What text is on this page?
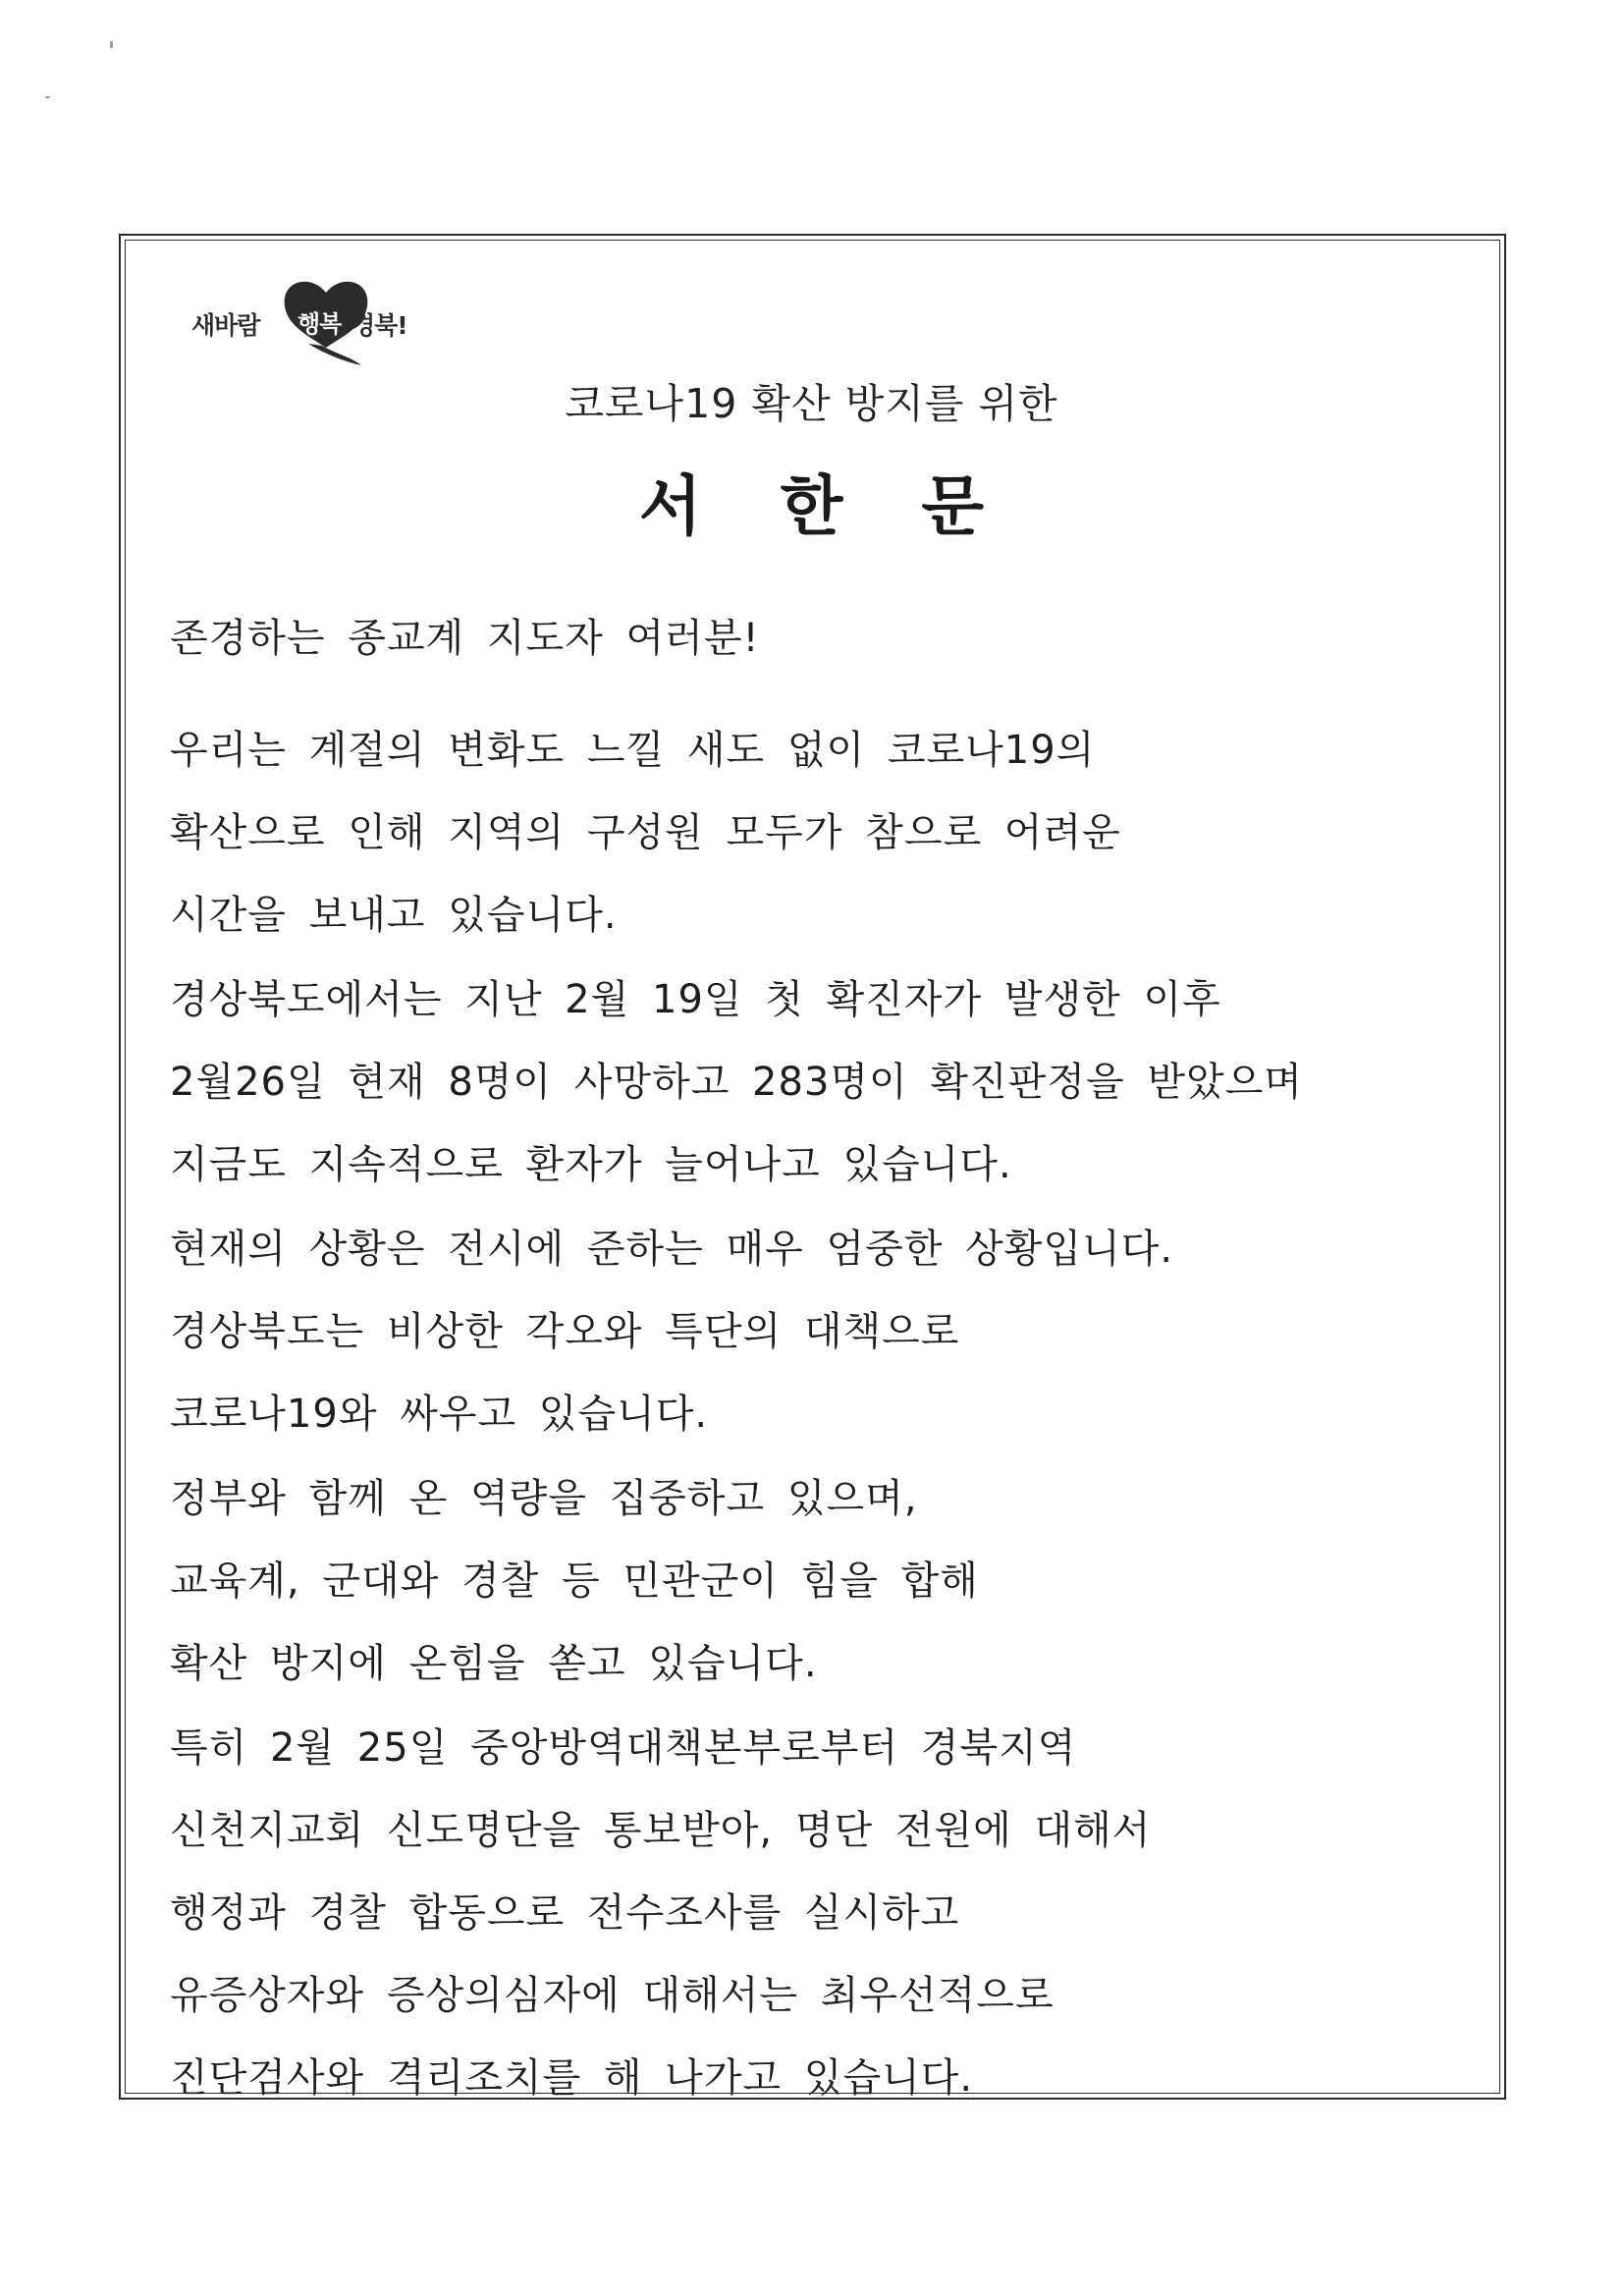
새바람 행복 경북!
코로나19 확산 방지를 위한
서한문
존경하는 종교계 지도자 여러분!
우리는 계절의 변화도 느낄 새도 없이 코로나19의
확산으로 인해 지역의 구성원 모두가 참으로 어려운
시간을 보내고 있습니다.
경상북도에서는 지난 2월 19일 첫 확진자가 발생한 이후
2월26일 현재 8명이 사망하고 283명이 확진판정을 받았으며
지금도 지속적으로 환자가 늘어나고 있습니다.
현재의 상황은 전시에 준하는 매우 엄중한 상황입니다.
경상북도는 비상한 각오와 특단의 대책으로
코로나19와 싸우고 있습니다.
정부와 함께 온 역량을 집중하고 있으며,
교육계, 군대와 경찰 등 민관군이 힘을 합해
확산 방지에 온힘을 쏟고 있습니다.
특히 2월 25일 중앙방역대책본부로부터 경북지역
신천지교회 신도명단을 통보받아, 명단 전원에 대해서
행정과 경찰 합동으로 전수조사를 실시하고
유증상자와 증상의심자에 대해서는 최우선적으로
진단검사와 격리조치를 해 나가고 있습니다.
